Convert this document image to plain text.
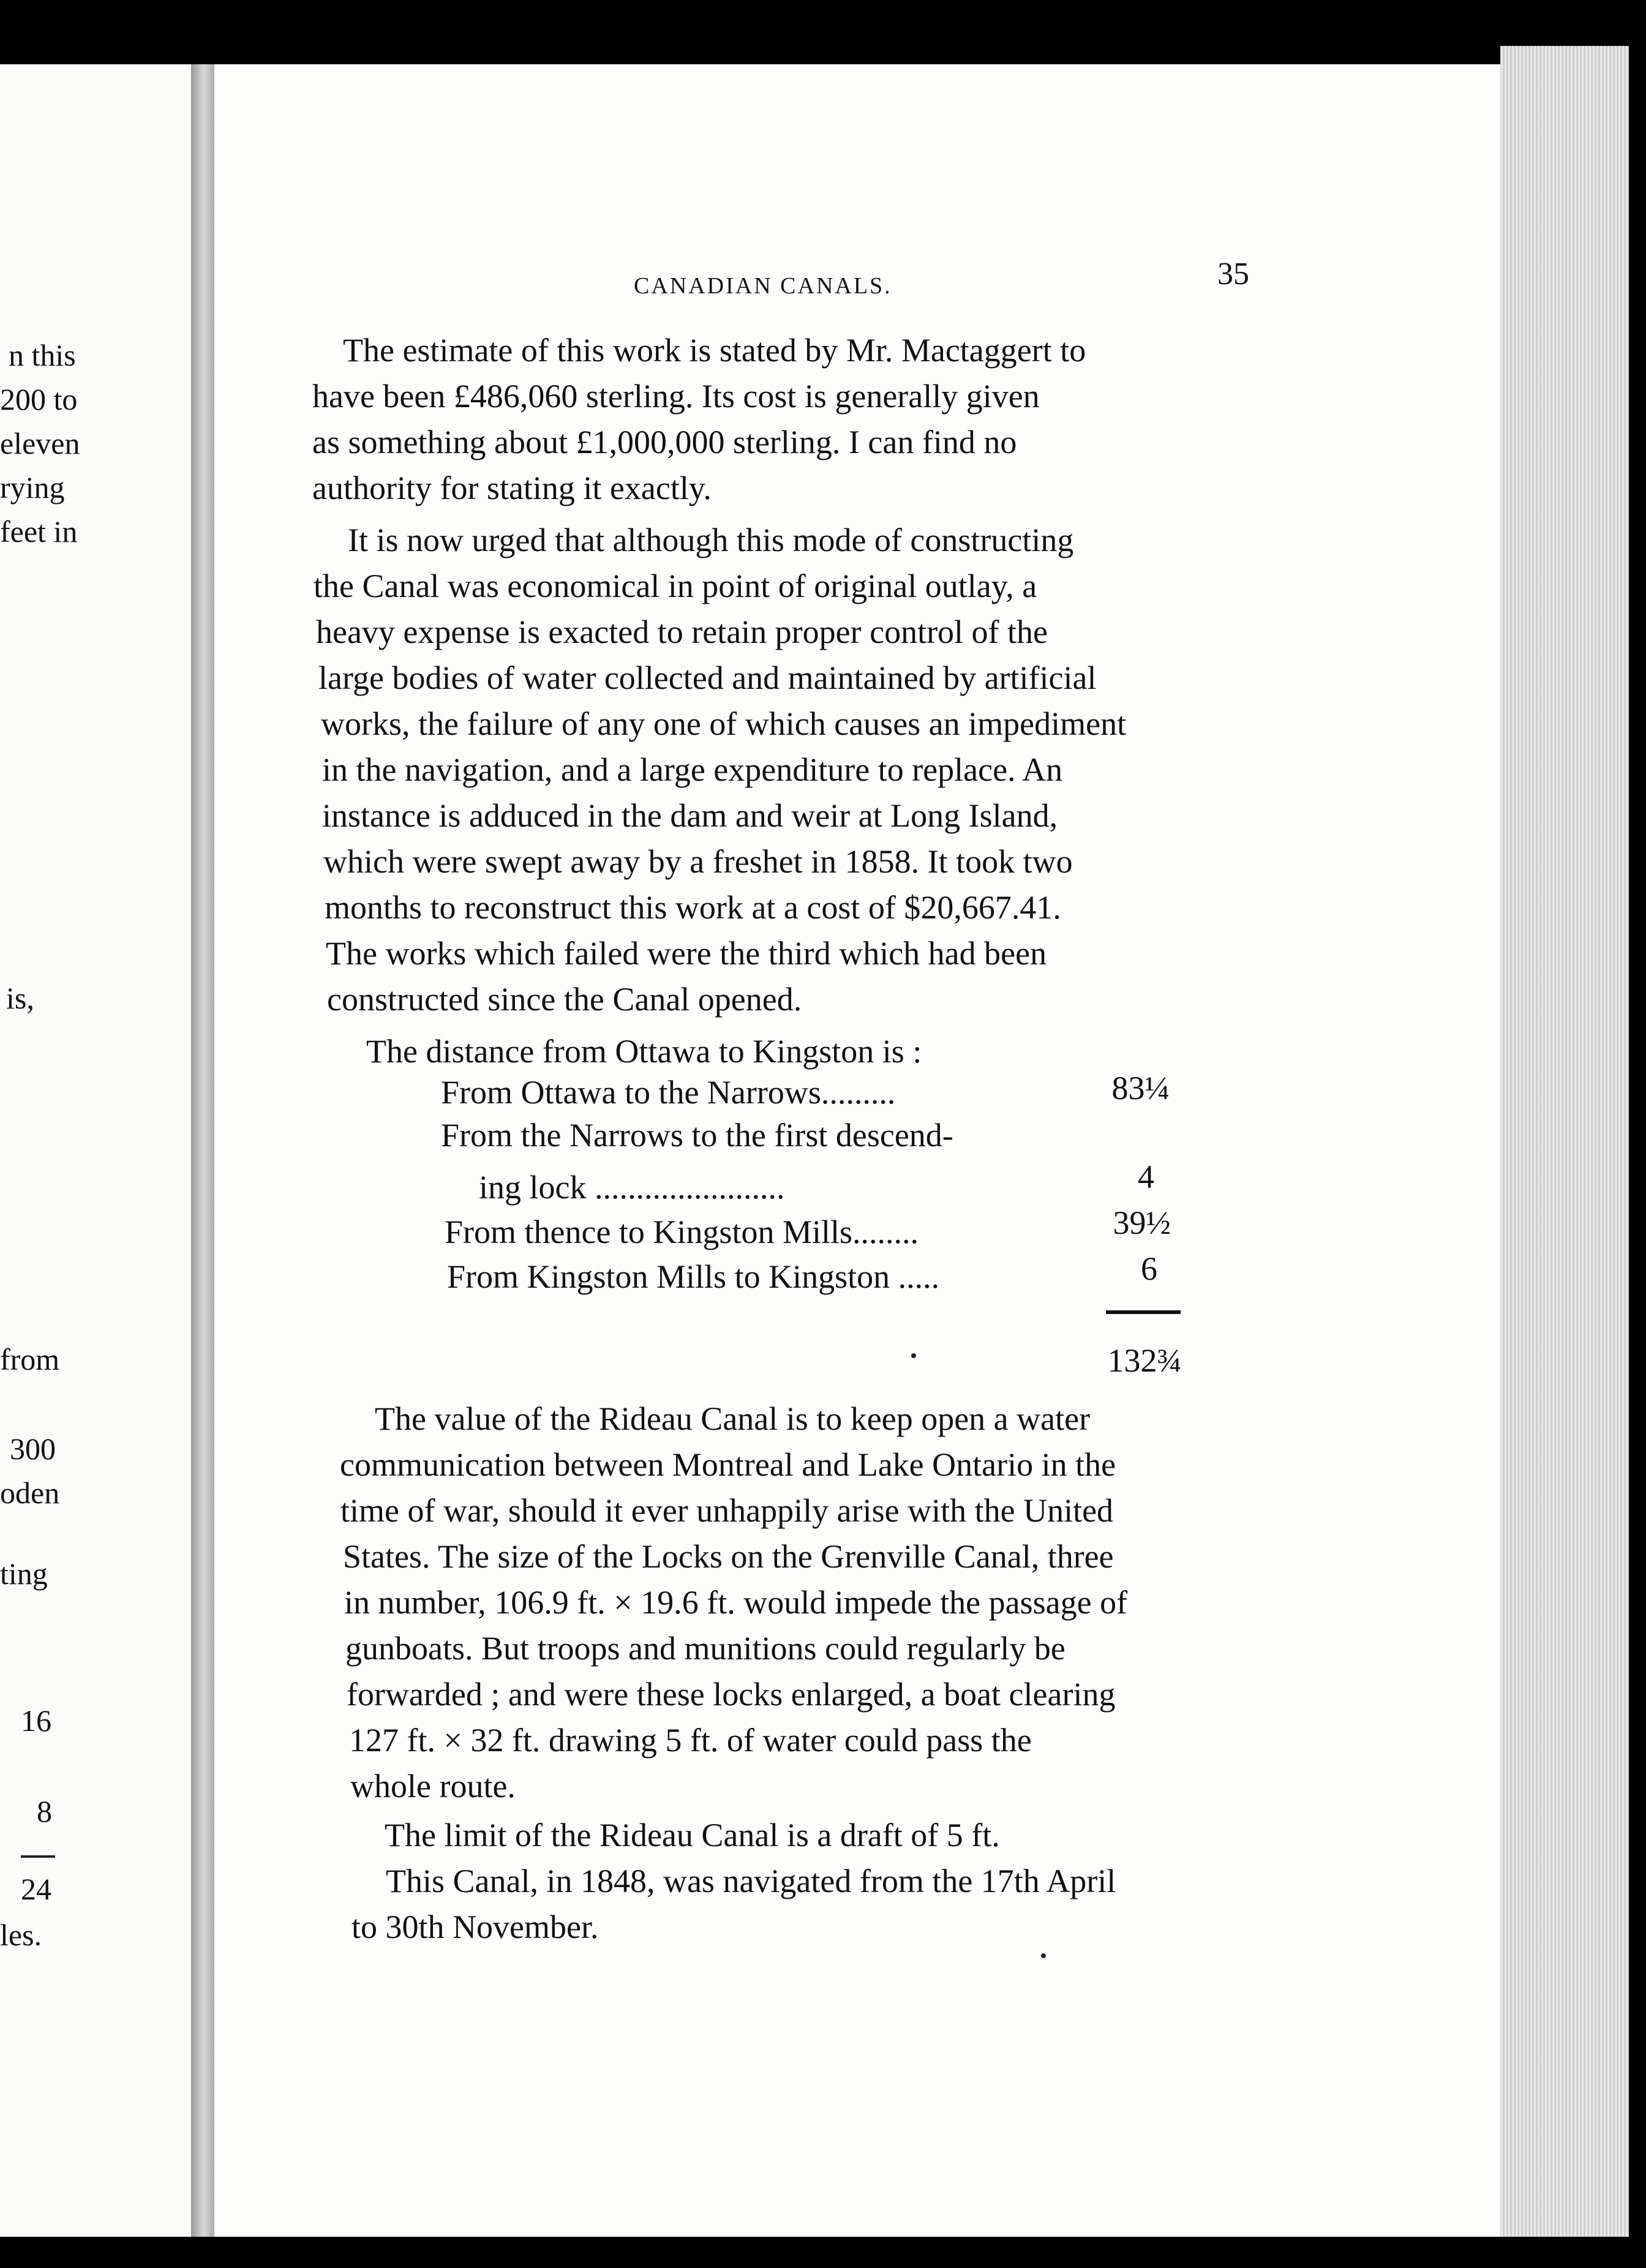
n this
200 to
eleven
rying
feet in
is,
from
300
oden
ting
16
8
24
les.
CANADIAN CANALS.	35
The estimate of this work is stated by Mr. Mactaggert to
have been £486,060 sterling. Its cost is generally given
as something about £1,000,000 sterling. I can find no
authority for stating it exactly.
It is now urged that although this mode of constructing
the Canal was economical in point of original outlay, a
heavy expense is exacted to retain proper control of the
large bodies of water collected and maintained by artificial
works, the failure of any one of which causes an impediment
in the navigation, and a large expenditure to replace. An
instance is adduced in the dam and weir at Long Island,
which were swept away by a freshet in 1858. It took two
months to reconstruct this work at a cost of $20,667.41.
The works which failed were the third which had been
constructed since the Canal opened.
The distance from Ottawa to Kingston is :
From Ottawa to the Narrows.........	83¼
From the Narrows to the first descend-
ing lock .......................	4
From thence to Kingston Mills........	39½
From Kingston Mills to Kingston .....	6
132¾
The value of the Rideau Canal is to keep open a water
communication between Montreal and Lake Ontario in the
time of war, should it ever unhappily arise with the United
States. The size of the Locks on the Grenville Canal, three
in number, 106.9 ft. × 19.6 ft. would impede the passage of
gunboats. But troops and munitions could regularly be
forwarded ; and were these locks enlarged, a boat clearing
127 ft. × 32 ft. drawing 5 ft. of water could pass the
whole route.
The limit of the Rideau Canal is a draft of 5 ft.
This Canal, in 1848, was navigated from the 17th April
to 30th November.
